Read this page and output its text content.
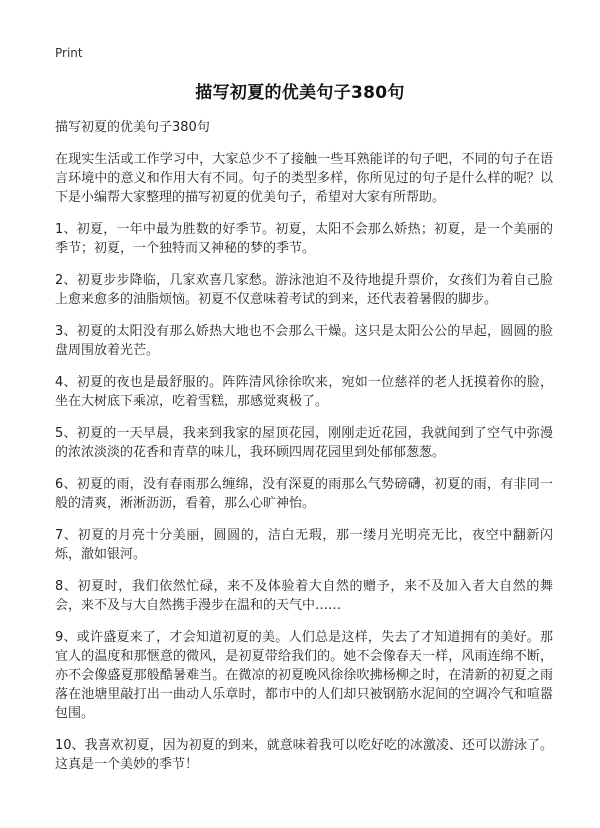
Print
描写初夏的优美句子380句

描写初夏的优美句子380句

在现实生活或工作学习中，大家总少不了接触一些耳熟能详的句子吧，不同的句子在语言环境中的意义和作用大有不同。句子的类型多样，你所见过的句子是什么样的呢？以下是小编帮大家整理的描写初夏的优美句子，希望对大家有所帮助。

1、初夏，一年中最为胜数的好季节。初夏，太阳不会那么娇热；初夏，是一个美丽的季节；初夏，一个独特而又神秘的梦的季节。

2、初夏步步降临，几家欢喜几家愁。游泳池迫不及待地提升票价，女孩们为着自己脸上愈来愈多的油脂烦恼。初夏不仅意味着考试的到来，还代表着暑假的脚步。

3、初夏的太阳没有那么娇热大地也不会那么干燥。这只是太阳公公的早起，圆圆的脸盘周围放着光芒。

4、初夏的夜也是最舒服的。阵阵清风徐徐吹来，宛如一位慈祥的老人抚摸着你的脸，坐在大树底下乘凉，吃着雪糕，那感觉爽极了。

5、初夏的一天早晨，我来到我家的屋顶花园，刚刚走近花园，我就闻到了空气中弥漫的浓浓淡淡的花香和青草的味儿，我环顾四周花园里到处郁郁葱葱。

6、初夏的雨，没有春雨那么缠绵，没有深夏的雨那么气势磅礴，初夏的雨，有非同一般的清爽，淅淅沥沥，看着，那么心旷神怡。

7、初夏的月亮十分美丽，圆圆的，洁白无瑕，那一缕月光明亮无比，夜空中翻新闪烁，澈如银河。

8、初夏时，我们依然忙碌，来不及体验着大自然的赠予，来不及加入者大自然的舞会，来不及与大自然携手漫步在温和的天气中……

9、或许盛夏来了，才会知道初夏的美。人们总是这样，失去了才知道拥有的美好。那宜人的温度和那惬意的微风，是初夏带给我们的。她不会像春天一样，风雨连绵不断，亦不会像盛夏那般酷暑难当。在微凉的初夏晚风徐徐吹拂杨柳之时，在清新的初夏之雨落在池塘里敲打出一曲动人乐章时，都市中的人们却只被钢筋水泥间的空调冷气和喧嚣包围。

10、我喜欢初夏，因为初夏的到来，就意味着我可以吃好吃的冰激凌、还可以游泳了。这真是一个美妙的季节！
